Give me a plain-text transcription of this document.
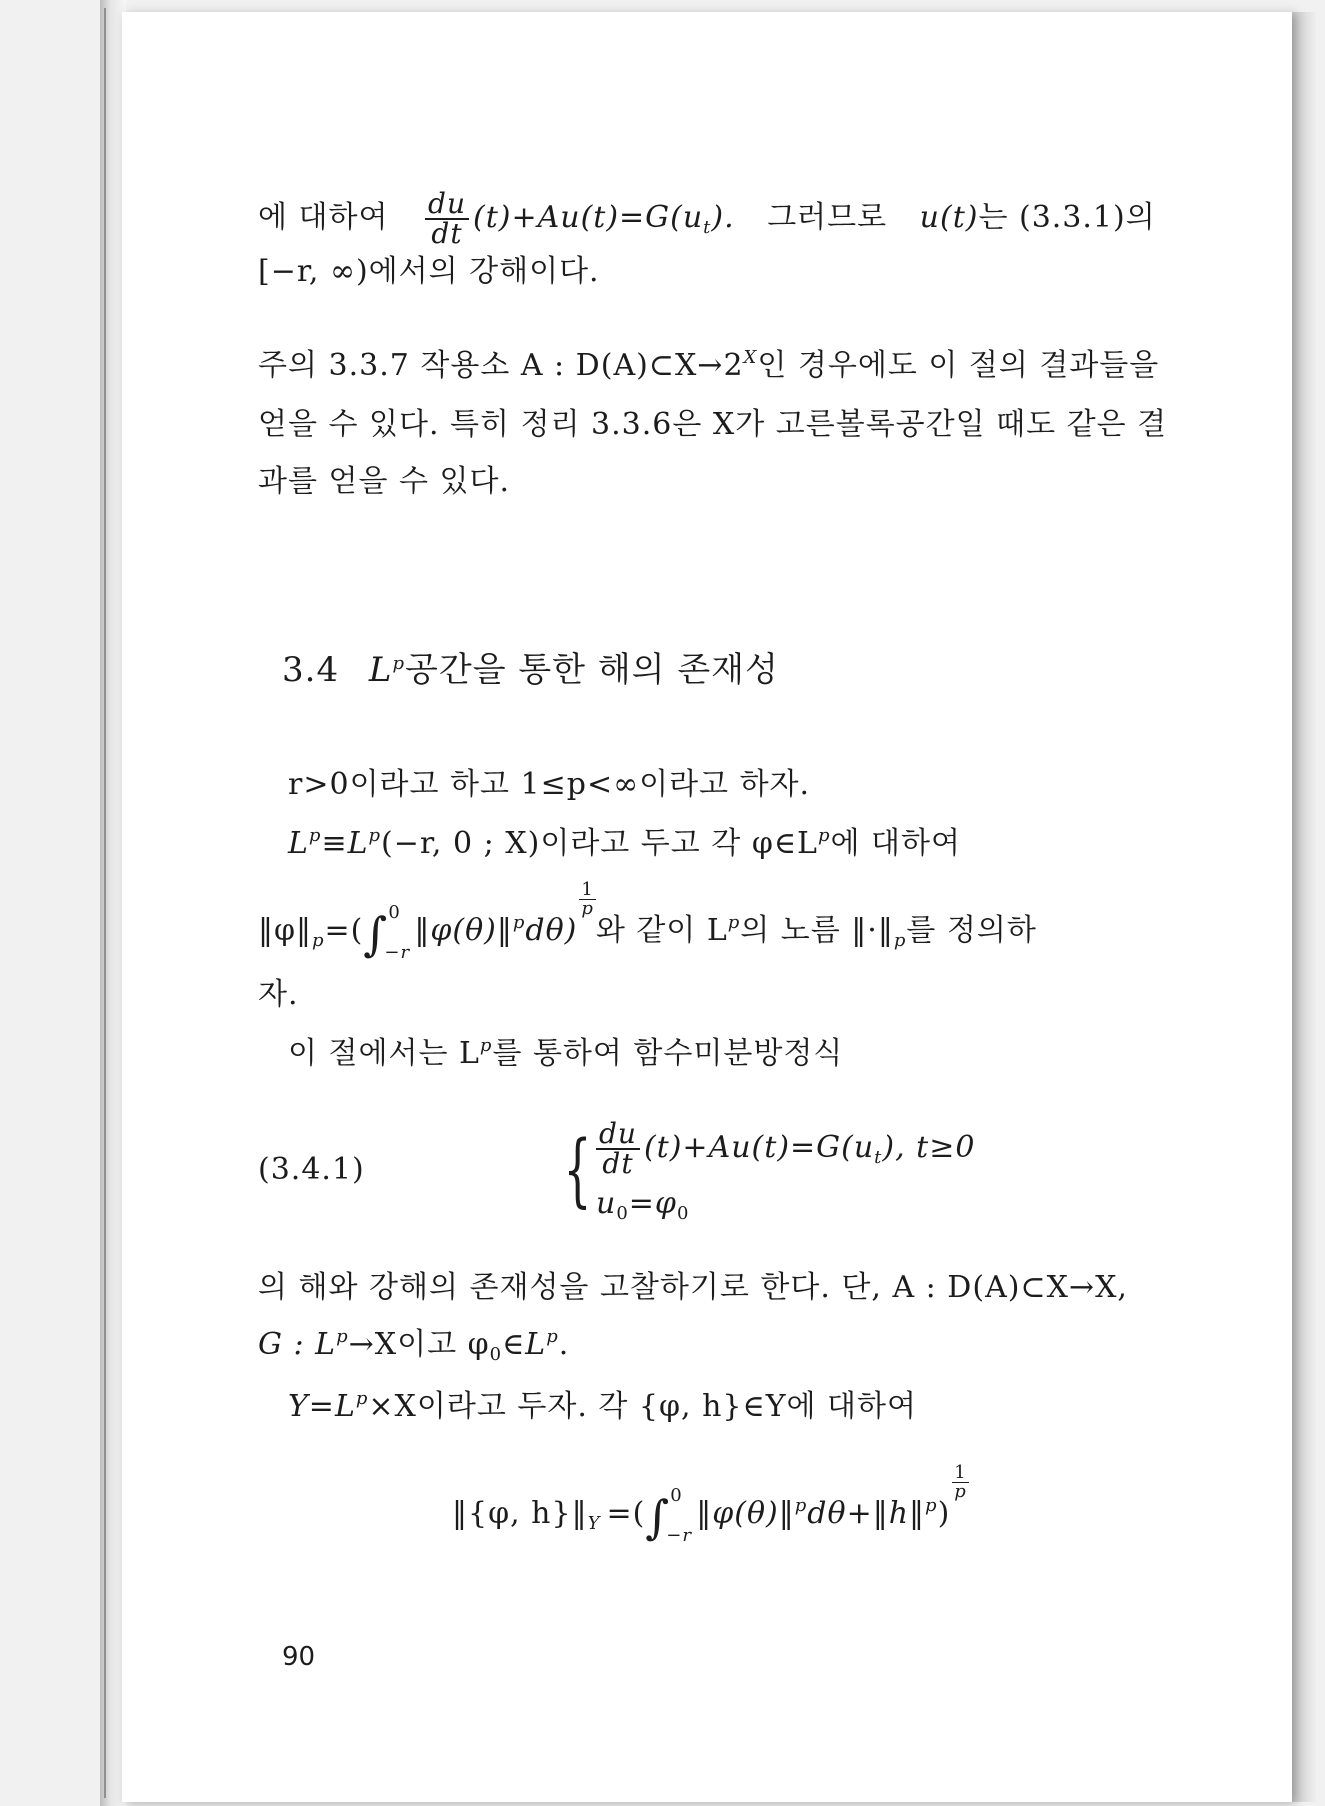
에 대하여 $\frac{du}{dt} (t)+Au(t)=G(u_t)$. 그러므로 u(t)는 (3.3.1)의
[−r, ∞)에서의 강해이다.
주의 3.3.7 작용소 A : $D(A)\subset X\to 2^X$인 경우에도 이 절의 결과들을
얻을 수 있다. 특히 정리 3.3.6은 X가 고른볼록공간일 때도 같은 결
과를 얻을 수 있다.
3.4 $L^p$공간을 통한 해의 존재성
r>0이라고 하고 1≤p<∞이라고 하자.
$L^p\equiv L^p(-r$, 0 ; X)이라고 두고 각 $\varphi\in L^p$에 대하여
$‖\varphi‖_p=(\int$ 0
−r
‖φ(θ)‖$^p$dθ)
$\frac{1}{p}$
와 같이 $L^p$의 노름 $‖\cdot‖_p$를 정의하
자.
이 절에서는 $L^p$를 통하여 함수미분방정식
(3.4.1) { $\frac{du}{dt} (t)+Au(t)=G(u_t)$, t≥0
$u_0=\varphi_0$
의 해와 강해의 존재성을 고찰하기로 한다. 단, A : D(A)⊂X→X,
G : $L^p\to X$이고 $\varphi_0\in L^p$.
$Y=L^p\times X$이라고 두자. 각 {φ, h}∈Y에 대하여
‖{φ, $h\}‖_Y$ =(∫ 0
−r
‖φ(θ)‖$^p$dθ+‖h‖$^p$)
$\frac{1}{p}$
90
